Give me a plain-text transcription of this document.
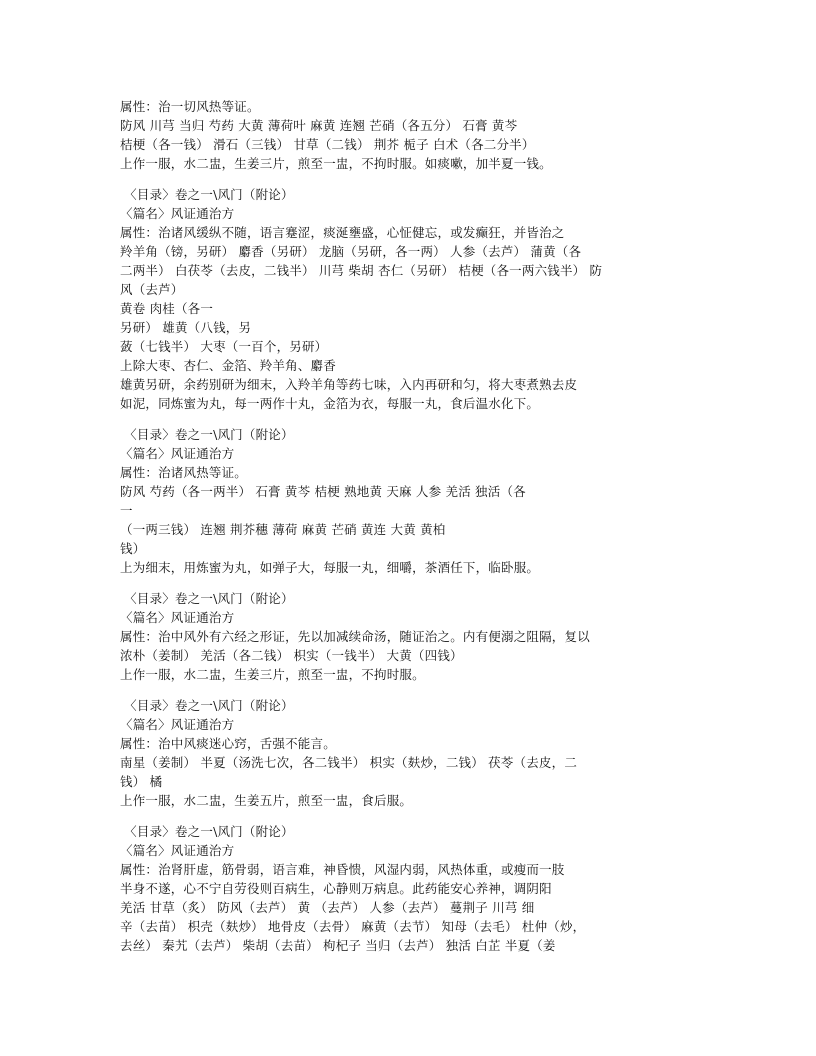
属性：治一切风热等证。
防风 川芎 当归 芍药 大黄 薄荷叶 麻黄 连翘 芒硝（各五分） 石膏 黄芩
桔梗（各一钱） 滑石（三钱） 甘草（二钱） 荆芥 栀子 白术（各二分半）
上作一服，水二盅，生姜三片，煎至一盅，不拘时服。如痰嗽，加半夏一钱。
〈目录〉卷之一\风门（附论）
〈篇名〉风证通治方
属性：治诸风缓纵不随，语言蹇涩，痰涎壅盛，心怔健忘，或发癫狂，并皆治之
羚羊角（镑，另研） 麝香（另研） 龙脑（另研，各一两） 人参（去芦） 蒲黄（各
二两半） 白茯苓（去皮，二钱半） 川芎 柴胡 杏仁（另研） 桔梗（各一两六钱半） 防
风（去芦）
黄卷 肉桂（各一
另研） 雄黄（八钱，另
蔹（七钱半） 大枣（一百个，另研）
上除大枣、杏仁、金箔、羚羊角、麝香
雄黄另研，余药别研为细末，入羚羊角等药七味，入内再研和匀，将大枣煮熟去皮
如泥，同炼蜜为丸，每一两作十丸，金箔为衣，每服一丸，食后温水化下。
〈目录〉卷之一\风门（附论）
〈篇名〉风证通治方
属性：治诸风热等证。
防风 芍药（各一两半） 石膏 黄芩 桔梗 熟地黄 天麻 人参 羌活 独活（各
一
（一两三钱） 连翘 荆芥穗 薄荷 麻黄 芒硝 黄连 大黄 黄柏
钱）
上为细末，用炼蜜为丸，如弹子大，每服一丸，细嚼，茶酒任下，临卧服。
〈目录〉卷之一\风门（附论）
〈篇名〉风证通治方
属性：治中风外有六经之形证，先以加减续命汤，随证治之。内有便溺之阻隔，复以
浓朴（姜制） 羌活（各二钱） 枳实（一钱半） 大黄（四钱）
上作一服，水二盅，生姜三片，煎至一盅，不拘时服。
〈目录〉卷之一\风门（附论）
〈篇名〉风证通治方
属性：治中风痰迷心窍，舌强不能言。
南星（姜制） 半夏（汤洗七次，各二钱半） 枳实（麸炒，二钱） 茯苓（去皮，二
钱） 橘
上作一服，水二盅，生姜五片，煎至一盅，食后服。
〈目录〉卷之一\风门（附论）
〈篇名〉风证通治方
属性：治肾肝虚，筋骨弱，语言难，神昏愦，风湿内弱，风热体重，或瘦而一肢
半身不遂，心不宁自劳役则百病生，心静则万病息。此药能安心养神，调阴阳
羌活 甘草（炙） 防风（去芦） 黄 （去芦） 人参（去芦） 蔓荆子 川芎 细
辛（去苗） 枳壳（麸炒） 地骨皮（去骨） 麻黄（去节） 知母（去毛） 杜仲（炒，
去丝） 秦艽（去芦） 柴胡（去苗） 枸杞子 当归（去芦） 独活 白芷 半夏（姜
